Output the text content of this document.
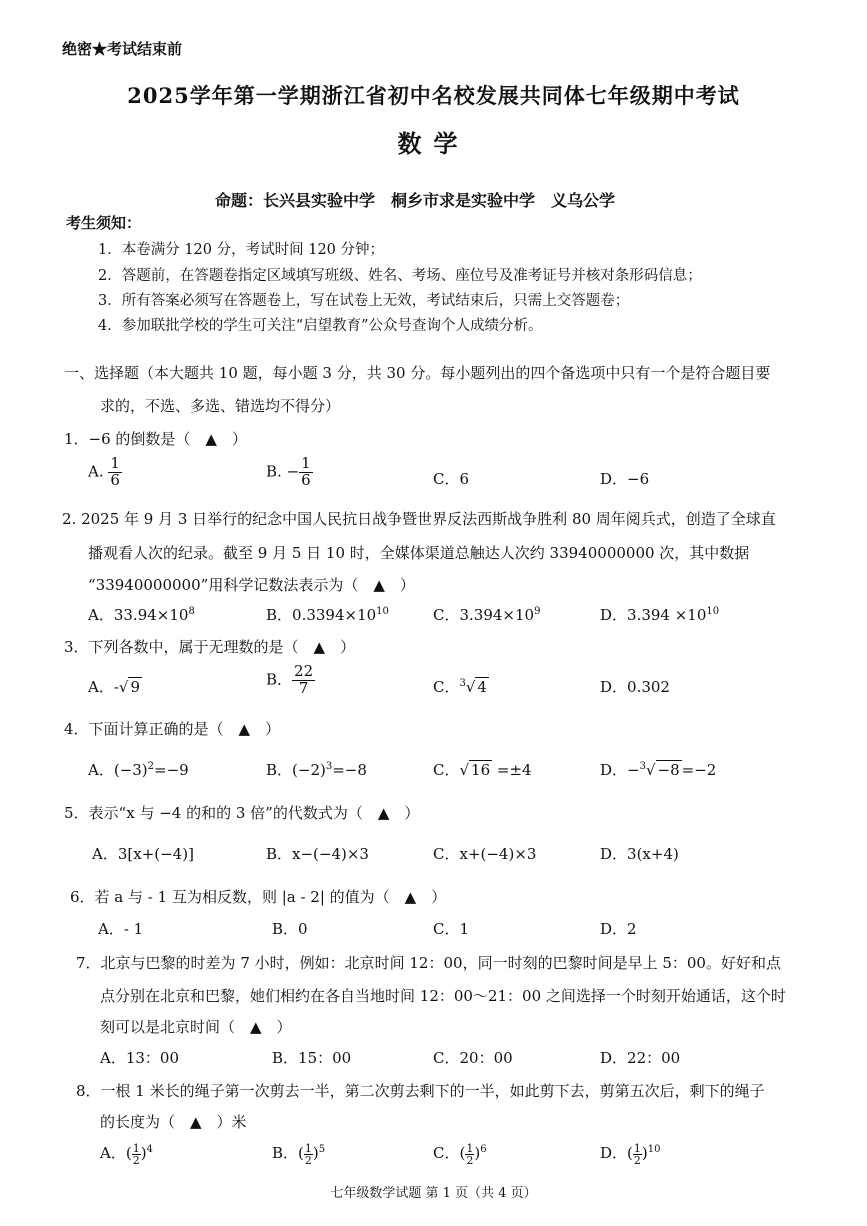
绝密★考试结束前
2025学年第一学期浙江省初中名校发展共同体七年级期中考试
数学
命题：长兴县实验中学　桐乡市求是实验中学　义乌公学
考生须知：
1．本卷满分 120 分，考试时间 120 分钟；
2．答题前，在答题卷指定区域填写班级、姓名、考场、座位号及准考证号并核对条形码信息；
3．所有答案必须写在答题卷上，写在试卷上无效，考试结束后，只需上交答题卷；
4．参加联批学校的学生可关注“启望教育”公众号查询个人成绩分析。
一、选择题（本大题共 10 题，每小题 3 分，共 30 分。每小题列出的四个备选项中只有一个是符合题目要
求的，不选、多选、错选均不得分）
1．−6 的倒数是（　▲　）
A. $\frac{1}{6}$	B. − $\frac{1}{6}$	C．6	D．−6
2. 2025 年 9 月 3 日举行的纪念中国人民抗日战争暨世界反法西斯战争胜利 80 周年阅兵式，创造了全球直
播观看人次的纪录。截至 9 月 5 日 10 时，全媒体渠道总触达人次约 33940000000 次，其中数据
“33940000000”用科学记数法表示为（　▲　）
A．$33.94\times 10^8$	B．$0.3394\times 10^{10}$	C．$3.394\times 10^9$	D．$3.394 \times 10^{10}$
3．下列各数中，属于无理数的是（　▲　）
A．-√ 9	B． $\frac{22}{7}$	C．$^3$√ 4	D．0.302
4．下面计算正确的是（　▲　）
A．$(-3)^2=-9$	B．$(-2)^3=-8$	C．√ 16 =±4	D．−$^3$√ −8 =−2
5．表示“x 与 −4 的和的 3 倍”的代数式为（　▲　）
A．3[x+(−4)]	B．x−(−4)×3	C．x+(−4)×3	D．3(x+4)
6．若 a 与 - 1 互为相反数，则 |a - 2| 的值为（　▲　）
A．- 1	B．0	C．1	D．2
7．北京与巴黎的时差为 7 小时，例如：北京时间 12：00，同一时刻的巴黎时间是早上 5：00。好好和点
点分别在北京和巴黎，她们相约在各自当地时间 12：00～21：00 之间选择一个时刻开始通话，这个时
刻可以是北京时间（　▲　）
A．13：00	B．15：00	C．20：00	D．22：00
8．一根 1 米长的绳子第一次剪去一半，第二次剪去剩下的一半，如此剪下去，剪第五次后，剩下的绳子
的长度为（　▲　）米
A．( $\frac{1}{2} )^4$	B．( $\frac{1}{2} )^5$	C．( $\frac{1}{2} )^6$	D．( $\frac{1}{2} )^{10}$
七年级数学试题 第 1 页（共 4 页）
